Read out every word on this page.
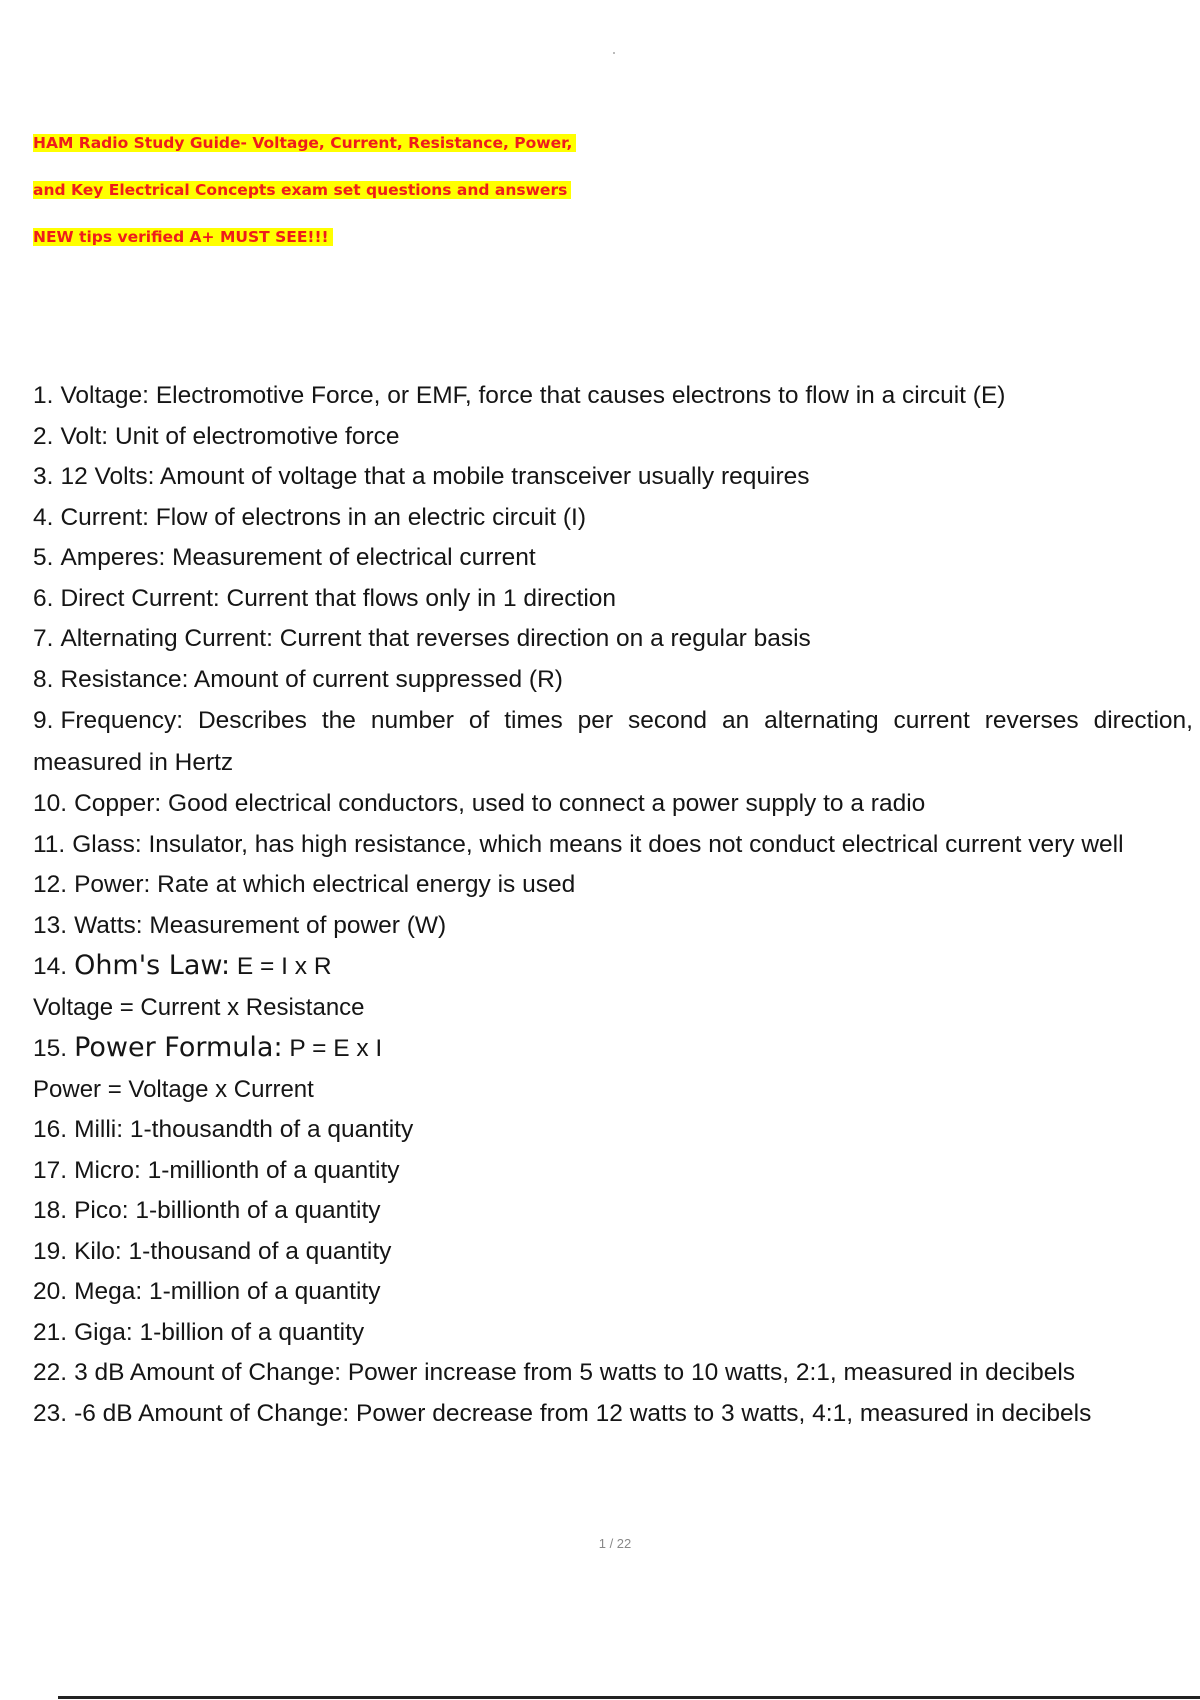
HAM Radio Study Guide- Voltage, Current, Resistance, Power,
and Key Electrical Concepts exam set questions and answers
NEW tips verified A+ MUST SEE!!!
1. Voltage: Electromotive Force, or EMF, force that causes electrons to flow in a circuit (E)
2. Volt: Unit of electromotive force
3. 12 Volts: Amount of voltage that a mobile transceiver usually requires
4. Current: Flow of electrons in an electric circuit (I)
5. Amperes: Measurement of electrical current
6. Direct Current: Current that flows only in 1 direction
7. Alternating Current: Current that reverses direction on a regular basis
8. Resistance: Amount of current suppressed (R)
9. Frequency: Describes the number of times per second an alternating current reverses direction, measured in Hertz
10. Copper: Good electrical conductors, used to connect a power supply to a radio
11. Glass: Insulator, has high resistance, which means it does not conduct electrical current very well
12. Power: Rate at which electrical energy is used
13. Watts: Measurement of power (W)
14. Ohm's Law: E = I x R
Voltage = Current x Resistance
15. Power Formula: P = E x I
Power = Voltage x Current
16. Milli: 1-thousandth of a quantity
17. Micro: 1-millionth of a quantity
18. Pico: 1-billionth of a quantity
19. Kilo: 1-thousand of a quantity
20. Mega: 1-million of a quantity
21. Giga: 1-billion of a quantity
22. 3 dB Amount of Change: Power increase from 5 watts to 10 watts, 2:1, measured in decibels
23. -6 dB Amount of Change: Power decrease from 12 watts to 3 watts, 4:1, measured in decibels
1 / 22
